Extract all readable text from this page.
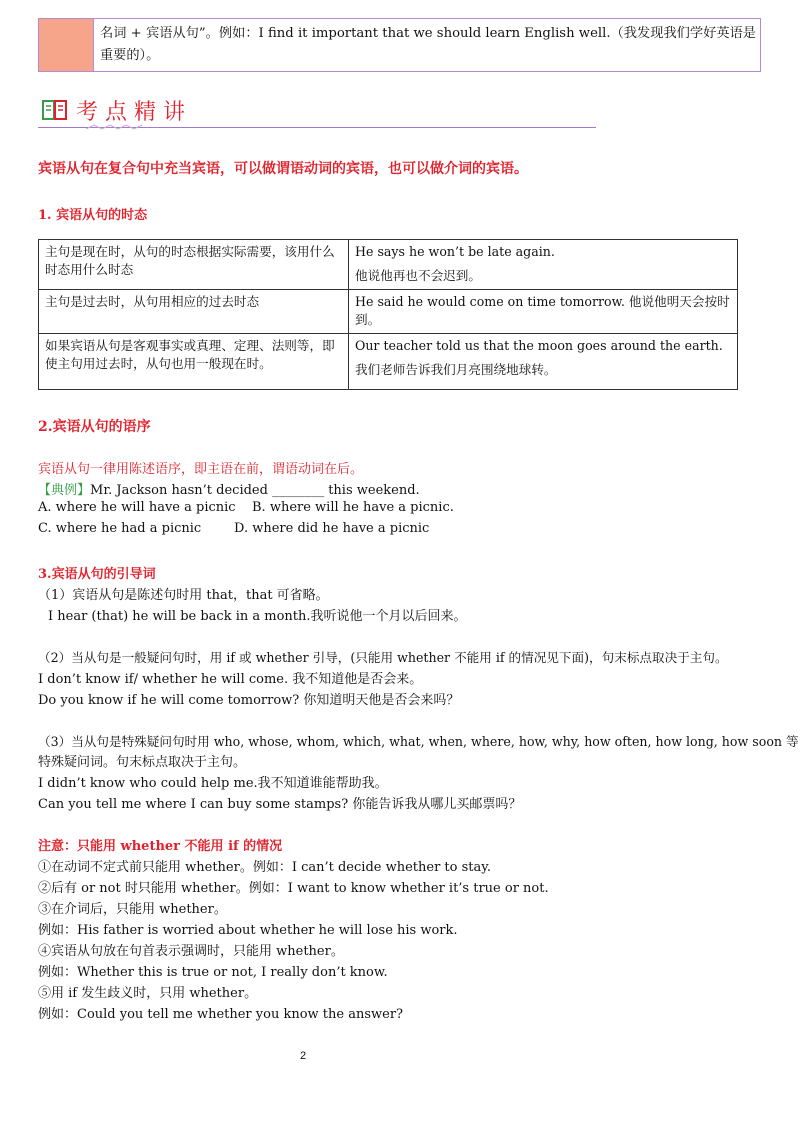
名词 + 宾语从句”。例如：I find it important that we should learn English well.（我发现我们学好英语是重要的）。
考点精讲
宾语从句在复合句中充当宾语，可以做谓语动词的宾语，也可以做介词的宾语。
1. 宾语从句的时态
主句是现在时，从句的时态根据实际需要，该用什么时态用什么时态	He says he won’t be late again.
他说他再也不会迟到。

主句是过去时，从句用相应的过去时态	He said he would come on time tomorrow. 他说他明天会按时到。

如果宾语从句是客观事实或真理、定理、法则等，即使主句用过去时，从句也用一般现在时。	Our teacher told us that the moon goes around the earth.
我们老师告诉我们月亮围绕地球转。
2.宾语从句的语序
宾语从句一律用陈述语序，即主语在前，谓语动词在后。
【典例】Mr. Jackson hasn’t decided ________ this weekend.
A. where he will have a picnic B. where will he have a picnic.
C. where he had a picnic	D. where did he have a picnic
3.宾语从句的引导词
（1）宾语从句是陈述句时用 that，that 可省略。
I hear (that) he will be back in a month.我听说他一个月以后回来。
（2）当从句是一般疑问句时，用 if 或 whether 引导，(只能用 whether 不能用 if 的情况见下面)，句末标点取决于主句。
I don’t know if/ whether he will come. 我不知道他是否会来。
Do you know if he will come tomorrow? 你知道明天他是否会来吗？
（3）当从句是特殊疑问句时用 who, whose, whom, which, what, when, where, how, why, how often, how long, how soon 等
特殊疑问词。句末标点取决于主句。
I didn’t know who could help me.我不知道谁能帮助我。
Can you tell me where I can buy some stamps? 你能告诉我从哪儿买邮票吗？
注意：只能用 whether 不能用 if 的情况
①在动词不定式前只能用 whether。例如：I can’t decide whether to stay.
②后有 or not 时只能用 whether。例如：I want to know whether it’s true or not.
③在介词后，只能用 whether。
例如：His father is worried about whether he will lose his work.
④宾语从句放在句首表示强调时，只能用 whether。
例如：Whether this is true or not, I really don’t know.
⑤用 if 发生歧义时，只用 whether。
例如：Could you tell me whether you know the answer?
2
